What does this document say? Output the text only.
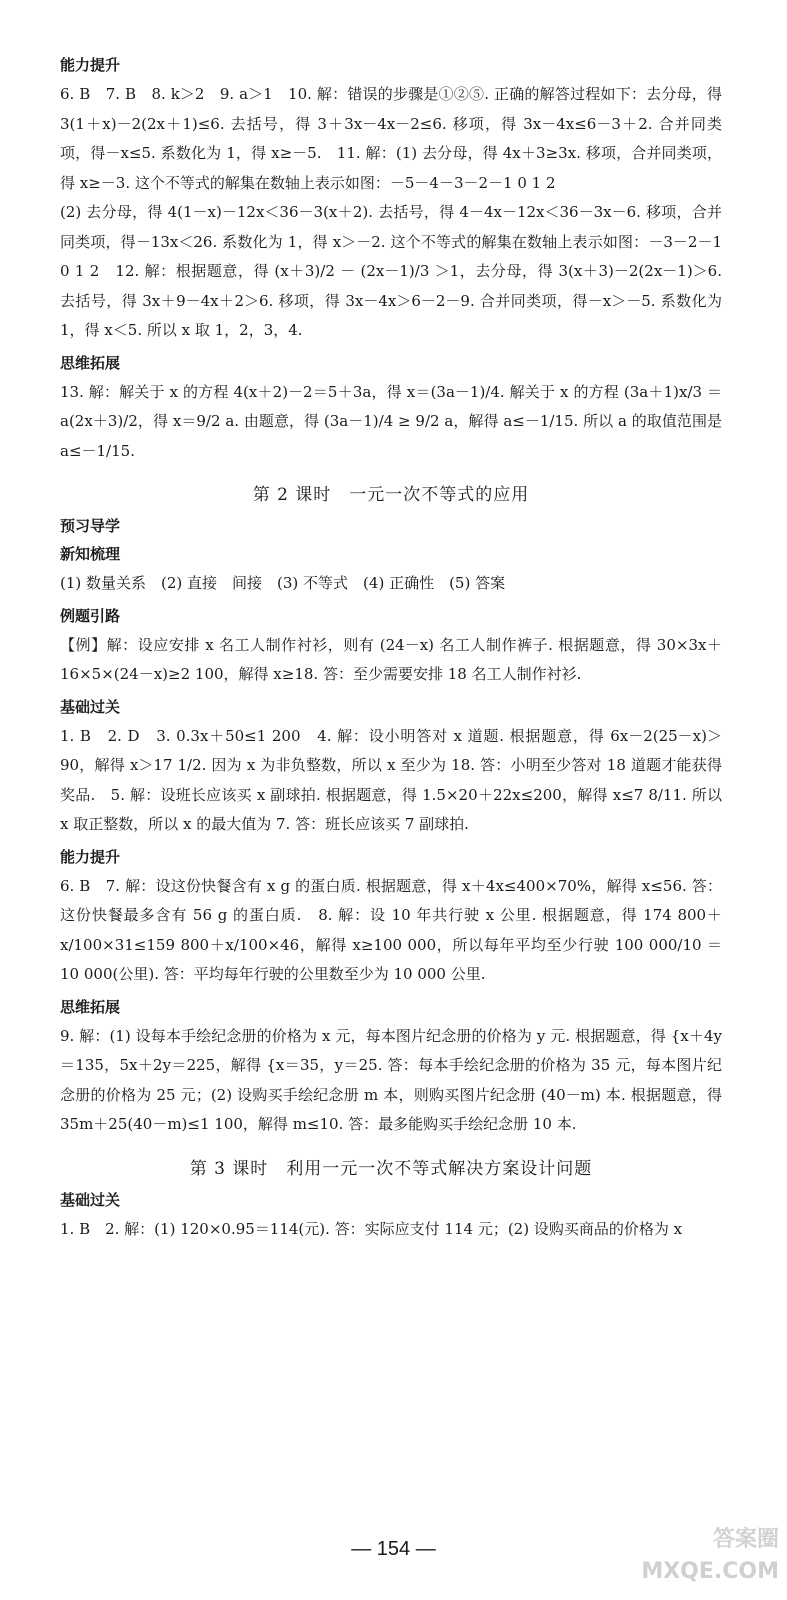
能力提升

6. B　7. B　8. k＞2　9. a＞1　10. 解：错误的步骤是①②⑤. 正确的解答过程如下：去分母，得 3(1＋x)－2(2x＋1)≤6. 去括号，得 3＋3x－4x－2≤6. 移项，得 3x－4x≤6－3＋2. 合并同类项，得－x≤5. 系数化为 1，得 x≥－5.　11. 解：(1) 去分母，得 4x＋3≥3x. 移项，合并同类项，得 x≥－3. 这个不等式的解集在数轴上表示如图：－5－4－3－2－1 0 1 2

(2) 去分母，得 4(1－x)－12x＜36－3(x＋2). 去括号，得 4－4x－12x＜36－3x－6. 移项，合并同类项，得－13x＜26. 系数化为 1，得 x＞－2. 这个不等式的解集在数轴上表示如图：－3－2－1 0 1 2　12. 解：根据题意，得 (x＋3)/2 － (2x－1)/3 ＞1，去分母，得 3(x＋3)－2(2x－1)＞6. 去括号，得 3x＋9－4x＋2＞6. 移项，得 3x－4x＞6－2－9. 合并同类项，得－x＞－5. 系数化为 1，得 x＜5. 所以 x 取 1，2，3，4.

思维拓展

13. 解：解关于 x 的方程 4(x＋2)－2＝5＋3a，得 x＝(3a－1)/4. 解关于 x 的方程 (3a＋1)x/3 ＝ a(2x＋3)/2，得 x＝9/2 a. 由题意，得 (3a－1)/4 ≥ 9/2 a，解得 a≤－1/15. 所以 a 的取值范围是 a≤－1/15.

第 2 课时　一元一次不等式的应用
预习导学
新知梳理

(1) 数量关系　(2) 直接　间接　(3) 不等式　(4) 正确性　(5) 答案

例题引路

【例】解：设应安排 x 名工人制作衬衫，则有 (24－x) 名工人制作裤子. 根据题意，得 30×3x＋16×5×(24－x)≥2 100，解得 x≥18. 答：至少需要安排 18 名工人制作衬衫.

基础过关

1. B　2. D　3. 0.3x＋50≤1 200　4. 解：设小明答对 x 道题. 根据题意，得 6x－2(25－x)＞90，解得 x＞17 1/2. 因为 x 为非负整数，所以 x 至少为 18. 答：小明至少答对 18 道题才能获得奖品.　5. 解：设班长应该买 x 副球拍. 根据题意，得 1.5×20＋22x≤200，解得 x≤7 8/11. 所以 x 取正整数，所以 x 的最大值为 7. 答：班长应该买 7 副球拍.

能力提升

6. B　7. 解：设这份快餐含有 x g 的蛋白质. 根据题意，得 x＋4x≤400×70%，解得 x≤56. 答：这份快餐最多含有 56 g 的蛋白质.　8. 解：设 10 年共行驶 x 公里. 根据题意，得 174 800＋x/100×31≤159 800＋x/100×46，解得 x≥100 000，所以每年平均至少行驶 100 000/10 ＝10 000(公里). 答：平均每年行驶的公里数至少为 10 000 公里.

思维拓展

9. 解：(1) 设每本手绘纪念册的价格为 x 元，每本图片纪念册的价格为 y 元. 根据题意，得 {x＋4y＝135，5x＋2y＝225，解得 {x＝35，y＝25. 答：每本手绘纪念册的价格为 35 元，每本图片纪念册的价格为 25 元；(2) 设购买手绘纪念册 m 本，则购买图片纪念册 (40－m) 本. 根据题意，得 35m＋25(40－m)≤1 100，解得 m≤10. 答：最多能购买手绘纪念册 10 本.

第 3 课时　利用一元一次不等式解决方案设计问题
基础过关

1. B　2. 解：(1) 120×0.95＝114(元). 答：实际应支付 114 元；(2) 设购买商品的价格为 x

— 154 —	答案圈 MXQE.COM
